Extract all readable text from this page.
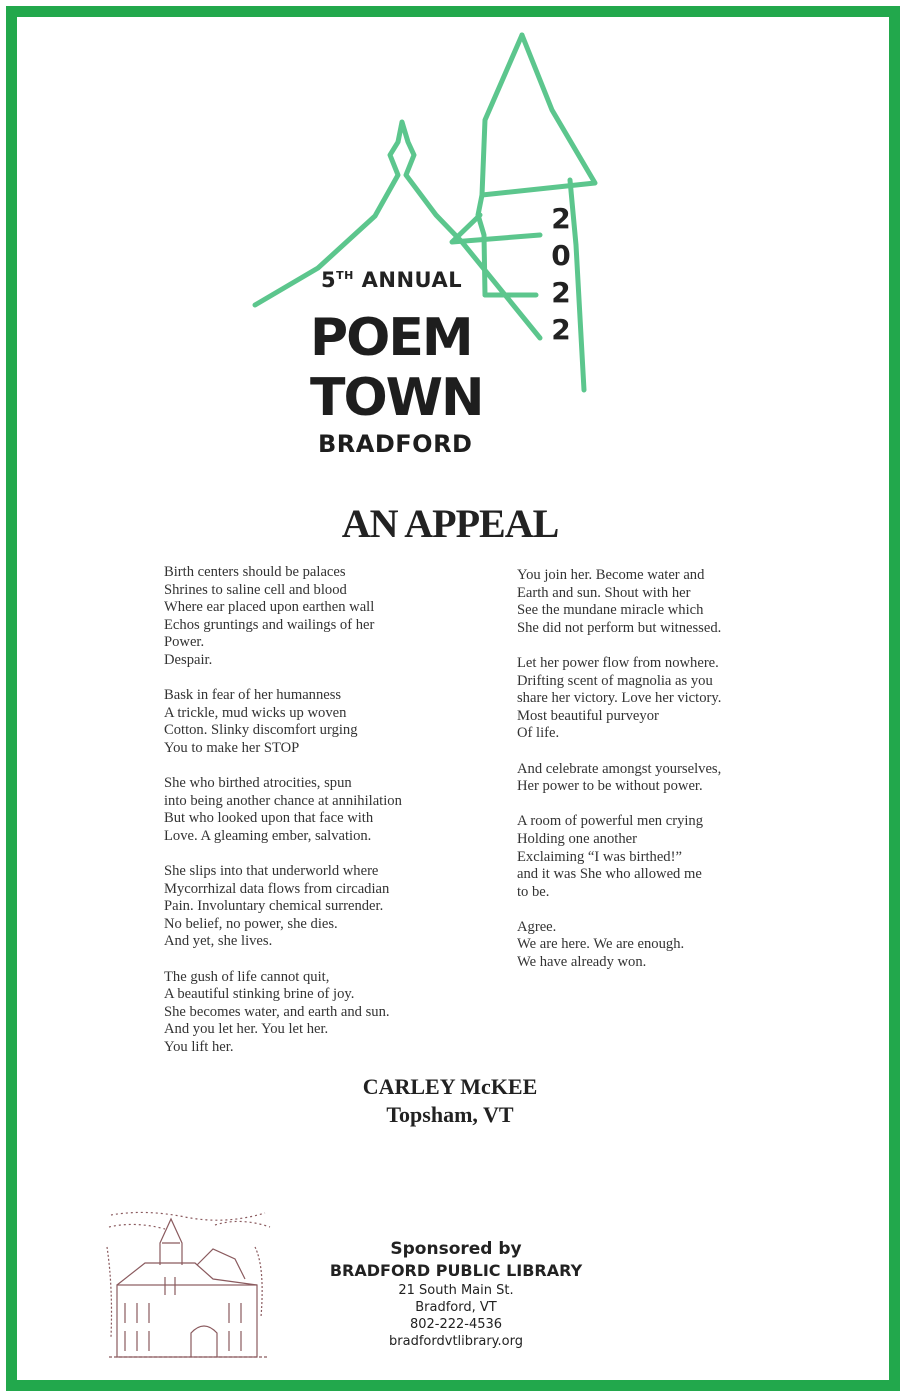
5TH ANNUAL
POEM
TOWN
BRADFORD
2
0
2
2
AN APPEAL
Birth centers should be palaces
Shrines to saline cell and blood
Where ear placed upon earthen wall
Echos gruntings and wailings of her
Power.
Despair.
Bask in fear of her humanness
A trickle, mud wicks up woven
Cotton. Slinky discomfort urging
You to make her STOP
She who birthed atrocities, spun
into being another chance at annihilation
But who looked upon that face with
Love. A gleaming ember, salvation.
She slips into that underworld where
Mycorrhizal data flows from circadian
Pain. Involuntary chemical surrender.
No belief, no power, she dies.
And yet, she lives.
The gush of life cannot quit,
A beautiful stinking brine of joy.
She becomes water, and earth and sun.
And you let her. You let her.
You lift her.
You join her. Become water and
Earth and sun. Shout with her
See the mundane miracle which
She did not perform but witnessed.
Let her power flow from nowhere.
Drifting scent of magnolia as you
share her victory. Love her victory.
Most beautiful purveyor
Of life.
And celebrate amongst yourselves,
Her power to be without power.
A room of powerful men crying
Holding one another
Exclaiming “I was birthed!”
and it was She who allowed me
to be.
Agree.
We are here. We are enough.
We have already won.
CARLEY McKEE
Topsham, VT
Sponsored by
BRADFORD PUBLIC LIBRARY
21 South Main St.
Bradford, VT
802-222-4536
bradfordvtlibrary.org
